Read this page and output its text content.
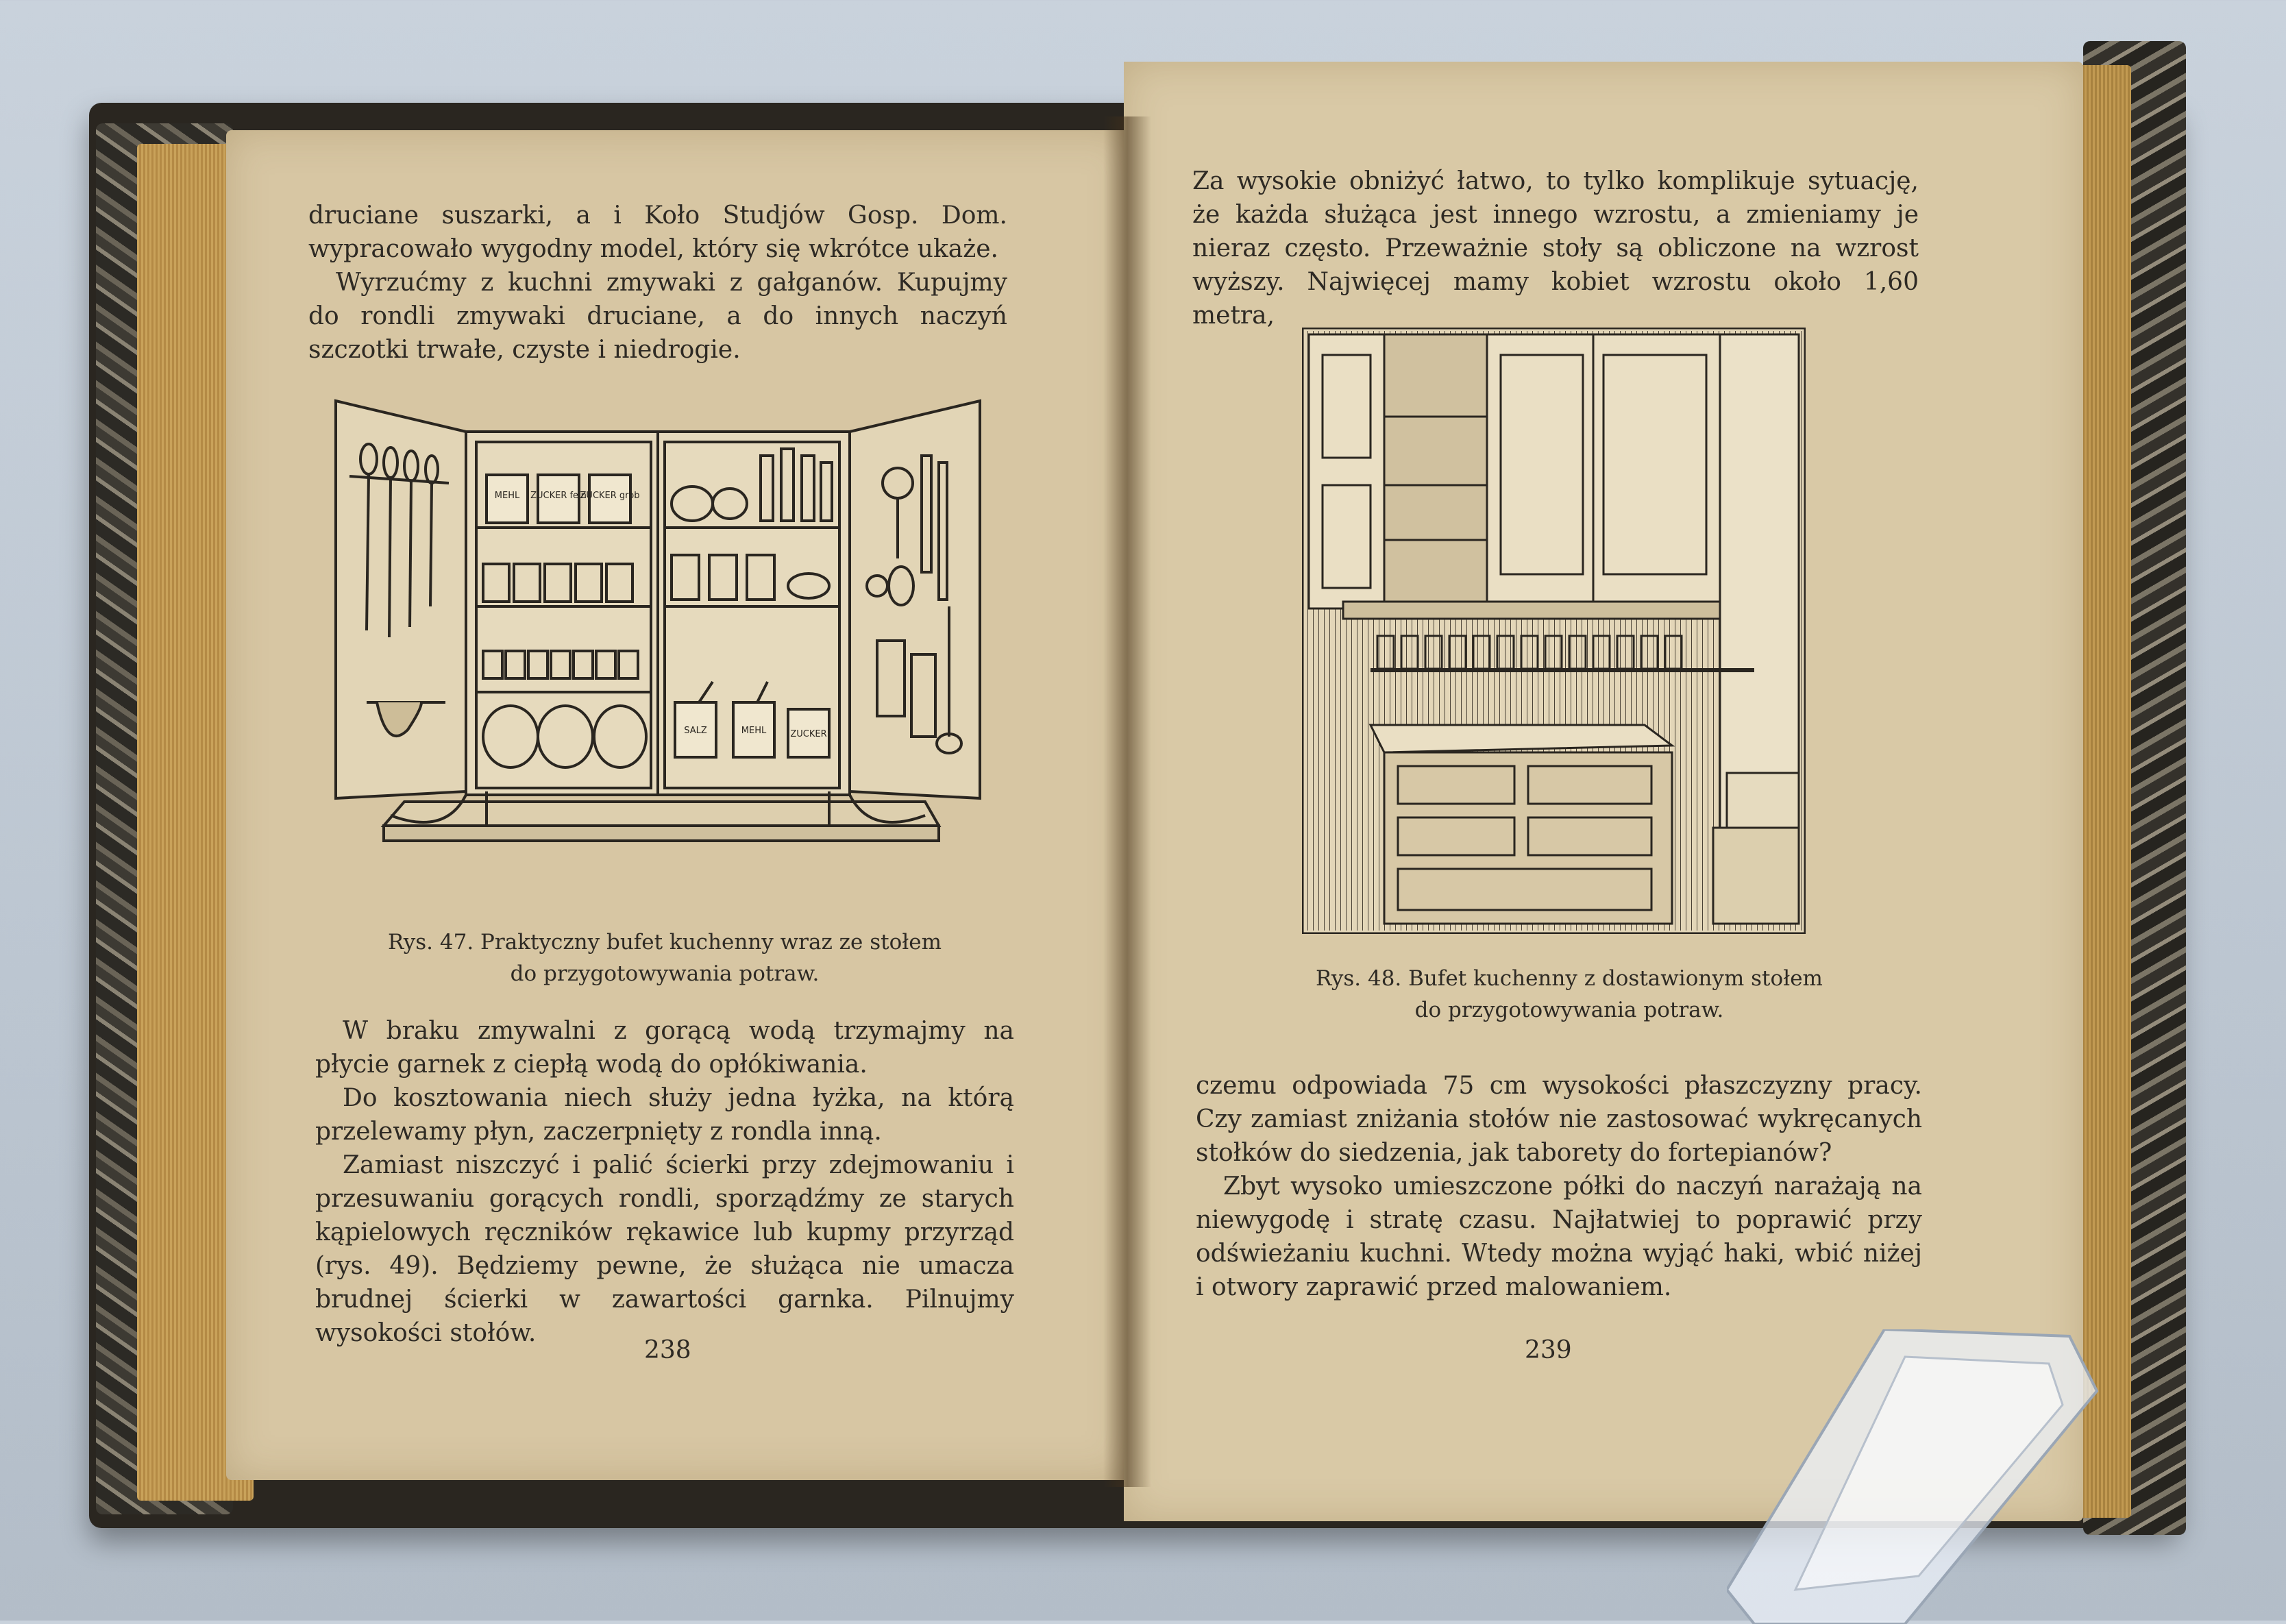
druciane suszarki, a i Koło Studjów Gosp. Dom. wypracowało wygodny model, który się wkrótce ukaże.

Wyrzućmy z kuchni zmywaki z gałganów. Kupujmy do rondli zmywaki druciane, a do innych naczyń szczotki trwałe, czyste i niedrogie.

MEHL ZUCKER fein
ZUCKER grob
SALZ	MEHL	ZUCKER
Rys. 47. Praktyczny bufet kuchenny wraz ze stołem
do przygotowywania potraw.

W braku zmywalni z gorącą wodą trzymajmy na płycie garnek z ciepłą wodą do opłókiwania.

Do kosztowania niech służy jedna łyżka, na którą przelewamy płyn, zaczerpnięty z rondla inną.

Zamiast niszczyć i palić ścierki przy zdejmowaniu i przesuwaniu gorących rondli, sporządźmy ze starych kąpielowych ręczników rękawice lub kupmy przyrząd (rys. 49). Będziemy pewne, że służąca nie umacza brudnej ścierki w zawartości garnka. Pilnujmy wysokości stołów.

238

Za wysokie obniżyć łatwo, to tylko komplikuje sytuację, że każda służąca jest innego wzrostu, a zmieniamy je nieraz często. Przeważnie stoły są obliczone na wzrost wyższy. Najwięcej mamy kobiet wzrostu około 1,60 metra,

Rys. 48. Bufet kuchenny z dostawionym stołem
do przygotowywania potraw.

czemu odpowiada 75 cm wysokości płaszczyzny pracy. Czy zamiast zniżania stołów nie zastosować wykręcanych stołków do siedzenia, jak taborety do fortepianów?

Zbyt wysoko umieszczone półki do naczyń narażają na niewygodę i stratę czasu. Najłatwiej to poprawić przy odświeżaniu kuchni. Wtedy można wyjąć haki, wbić niżej i otwory zaprawić przed malowaniem.

239
